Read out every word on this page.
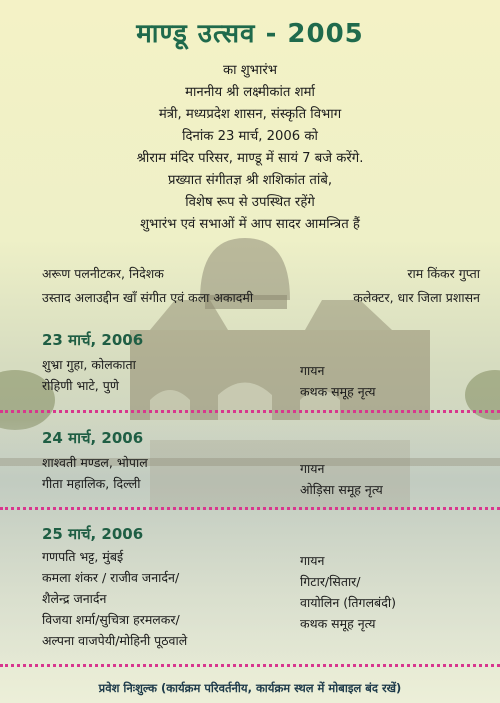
माण्डू उत्सव - 2005
का शुभारंभ
माननीय श्री लक्ष्मीकांत शर्मा
मंत्री, मध्यप्रदेश शासन, संस्कृति विभाग
दिनांक 23 मार्च, 2006 को
श्रीराम मंदिर परिसर, माण्डू में सायं 7 बजे करेंगे.
प्रख्यात संगीतज्ञ श्री शशिकांत तांबे,
विशेष रूप से उपस्थित रहेंगे
शुभारंभ एवं सभाओं में आप सादर आमन्त्रित हैं
अरूण पलनीटकर, निदेशक
उस्ताद अलाउद्दीन खाँ संगीत एवं कला अकादमी
राम किंकर गुप्ता
कलेक्टर, धार जिला प्रशासन
23 मार्च, 2006
शुभ्रा गुहा, कोलकाता
रोहिणी भाटे, पुणे
गायन
कथक समूह नृत्य
24 मार्च, 2006
शाश्वती मण्डल, भोपाल
गीता महालिक, दिल्ली
गायन
ओड़िसा समूह नृत्य
25 मार्च, 2006
गणपति भट्ट, मुंबई
कमला शंकर / राजीव जनार्दन/
शैलेन्द्र जनार्दन
विजया शर्मा/सुचित्रा हरमलकर/
अल्पना वाजपेयी/मोहिनी पूठवाले
गायन
गिटार/सितार/
वायोलिन (तिगलबंदी)
कथक समूह नृत्य
प्रवेश निःशुल्क (कार्यक्रम परिवर्तनीय, कार्यक्रम स्थल में मोबाइल बंद रखें)
